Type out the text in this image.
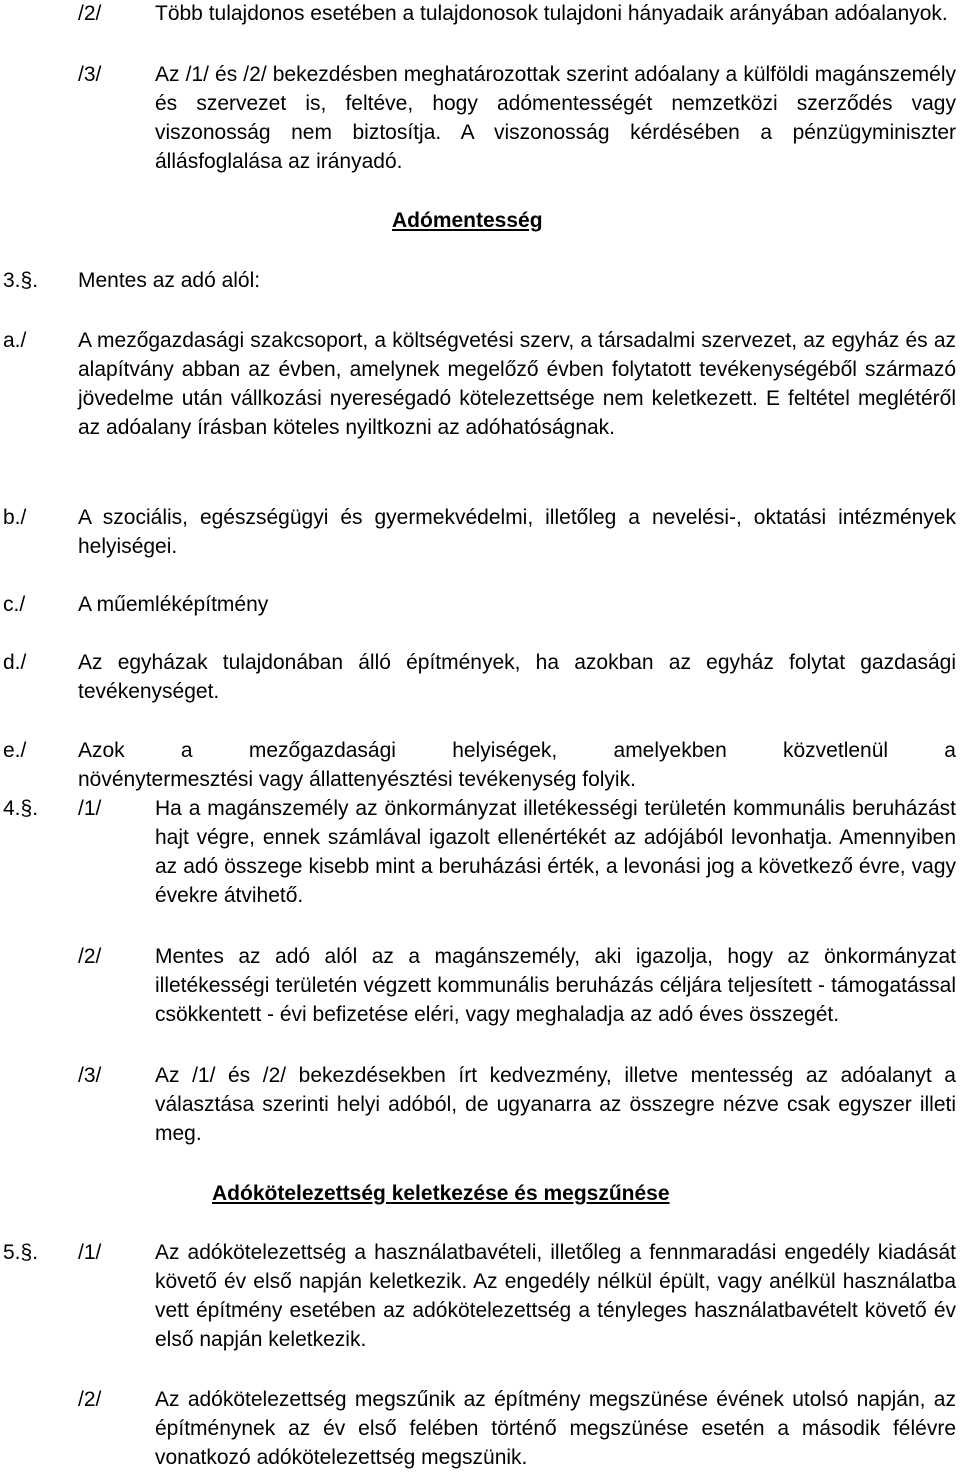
/2/	Több tulajdonos esetében a tulajdonosok tulajdoni hányadaik arányában adóalanyok.

/3/	Az /1/ és /2/ bekezdésben meghatározottak szerint adóalany a külföldi magánszemély és szervezet is, feltéve, hogy adómentességét nemzetközi szerződés vagy viszonosság nem biztosítja. A viszonosság kérdésében a pénzügyminiszter állásfoglalása az irányadó.

Adómentesség
3.§. Mentes az adó alól:
a./ A mezőgazdasági szakcsoport, a költségvetési szerv, a társadalmi szervezet, az egyház és az alapítvány abban az évben, amelynek megelőző évben folytatott tevékenységéből származó jövedelme után vállkozási nyereségadó kötelezettsége nem keletkezett. E feltétel meglétéről az adóalany írásban köteles nyiltkozni az adóhatóságnak.

b./ A szociális, egészségügyi és gyermekvédelmi, illetőleg a nevelési-, oktatási intézmények helyiségei.

c./	A műemléképítmény

d./ Az egyházak tulajdonában álló építmények, ha azokban az egyház folytat gazdasági tevékenységet.

e./ Azok a mezőgazdasági helyiségek, amelyekben közvetlenül a

növénytermesztési vagy állattenyésztési tevékenység folyik.

4.§. /1/	Ha a magánszemély az önkormányzat illetékességi területén kommunális beruházást hajt végre, ennek számlával igazolt ellenértékét az adójából levonhatja. Amennyiben az adó összege kisebb mint a beruházási érték, a levonási jog a következő évre, vagy évekre átvihető.

/2/	Mentes az adó alól az a magánszemély, aki igazolja, hogy az önkormányzat illetékességi területén végzett kommunális beruházás céljára teljesített - támogatással csökkentett - évi befizetése eléri, vagy meghaladja az adó éves összegét.

/3/	Az /1/ és /2/ bekezdésekben írt kedvezmény, illetve mentesség az adóalanyt a választása szerinti helyi adóból, de ugyanarra az összegre nézve csak egyszer illeti meg.

Adókötelezettség keletkezése és megszűnése
5.§. /1/	Az adókötelezettség a használatbavételi, illetőleg a fennmaradási engedély kiadását követő év első napján keletkezik. Az engedély nélkül épült, vagy anélkül használatba vett építmény esetében az adókötelezettség a tényleges használatbavételt követő év első napján keletkezik.

/2/	Az adókötelezettség megszűnik az építmény megszünése évének utolsó napján, az építménynek az év első felében történő megszünése esetén a második félévre vonatkozó adókötelezettség megszünik.
